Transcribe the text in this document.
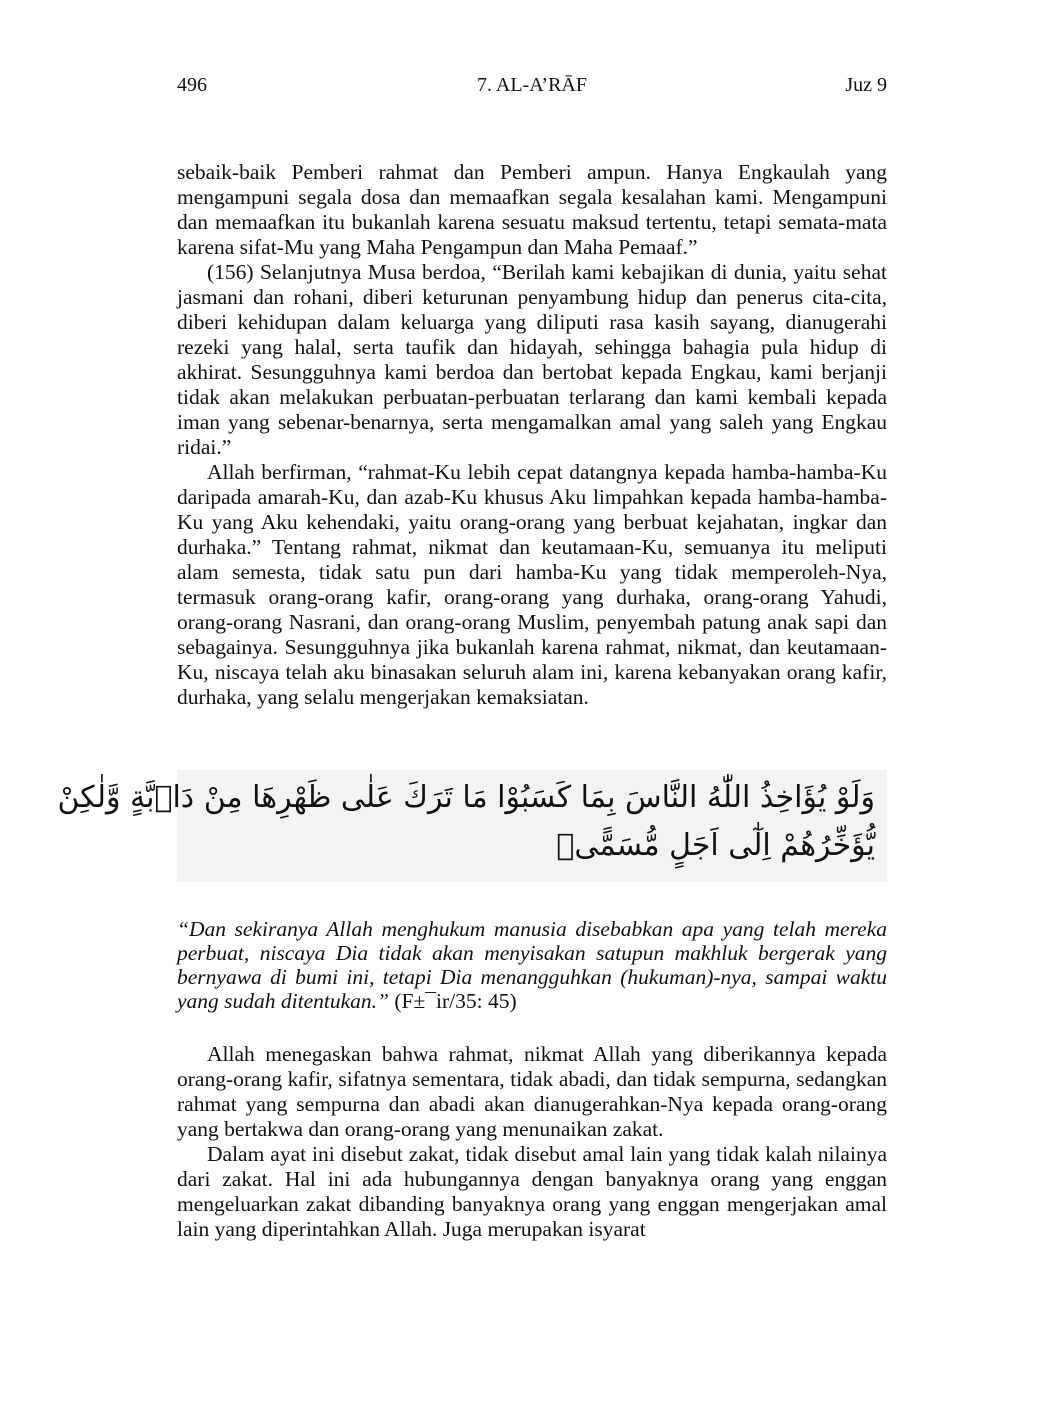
496	7. AL-A’RĀF	Juz 9

sebaik-baik Pemberi rahmat dan Pemberi ampun. Hanya Engkaulah yang mengampuni segala dosa dan memaafkan segala kesalahan kami. Mengampuni dan memaafkan itu bukanlah karena sesuatu maksud tertentu, tetapi semata-mata karena sifat-Mu yang Maha Pengampun dan Maha Pemaaf.”

(156) Selanjutnya Musa berdoa, “Berilah kami kebajikan di dunia, yaitu sehat jasmani dan rohani, diberi keturunan penyambung hidup dan penerus cita-cita, diberi kehidupan dalam keluarga yang diliputi rasa kasih sayang, dianugerahi rezeki yang halal, serta taufik dan hidayah, sehingga bahagia pula hidup di akhirat. Sesungguhnya kami berdoa dan bertobat kepada Engkau, kami berjanji tidak akan melakukan perbuatan-perbuatan terlarang dan kami kembali kepada iman yang sebenar-benarnya, serta mengamalkan amal yang saleh yang Engkau ridai.”

Allah berfirman, “rahmat-Ku lebih cepat datangnya kepada hamba-hamba-Ku daripada amarah-Ku, dan azab-Ku khusus Aku limpahkan kepada hamba-hamba-Ku yang Aku kehendaki, yaitu orang-orang yang berbuat kejahatan, ingkar dan durhaka.” Tentang rahmat, nikmat dan keutamaan-Ku, semuanya itu meliputi alam semesta, tidak satu pun dari hamba-Ku yang tidak memperoleh-Nya, termasuk orang-orang kafir, orang-orang yang durhaka, orang-orang Yahudi, orang-orang Nasrani, dan orang-orang Muslim, penyembah patung anak sapi dan sebagainya. Sesungguhnya jika bukanlah karena rahmat, nikmat, dan keutamaan-Ku, niscaya telah aku binasakan seluruh alam ini, karena kebanyakan orang kafir, durhaka, yang selalu mengerjakan kemaksiatan.

وَلَوْ يُؤَاخِذُ اللّٰهُ النَّاسَ بِمَا كَسَبُوْا مَا تَرَكَ عَلٰى ظَهْرِهَا مِنْ دَاۤبَّةٍ وَّلٰكِنْ
يُّؤَخِّرُهُمْ اِلٰٓى اَجَلٍ مُّسَمًّىۚ
“Dan sekiranya Allah menghukum manusia disebabkan apa yang telah mereka perbuat, niscaya Dia tidak akan menyisakan satupun makhluk bergerak yang bernyawa di bumi ini, tetapi Dia menangguhkan (hukuman)-nya, sampai waktu yang sudah ditentukan.” (F±¯ir/35: 45)

Allah menegaskan bahwa rahmat, nikmat Allah yang diberikannya kepada orang-orang kafir, sifatnya sementara, tidak abadi, dan tidak sempurna, sedangkan rahmat yang sempurna dan abadi akan dianugerahkan-Nya kepada orang-orang yang bertakwa dan orang-orang yang menunaikan zakat.

Dalam ayat ini disebut zakat, tidak disebut amal lain yang tidak kalah nilainya dari zakat. Hal ini ada hubungannya dengan banyaknya orang yang enggan mengeluarkan zakat dibanding banyaknya orang yang enggan mengerjakan amal lain yang diperintahkan Allah. Juga merupakan isyarat
